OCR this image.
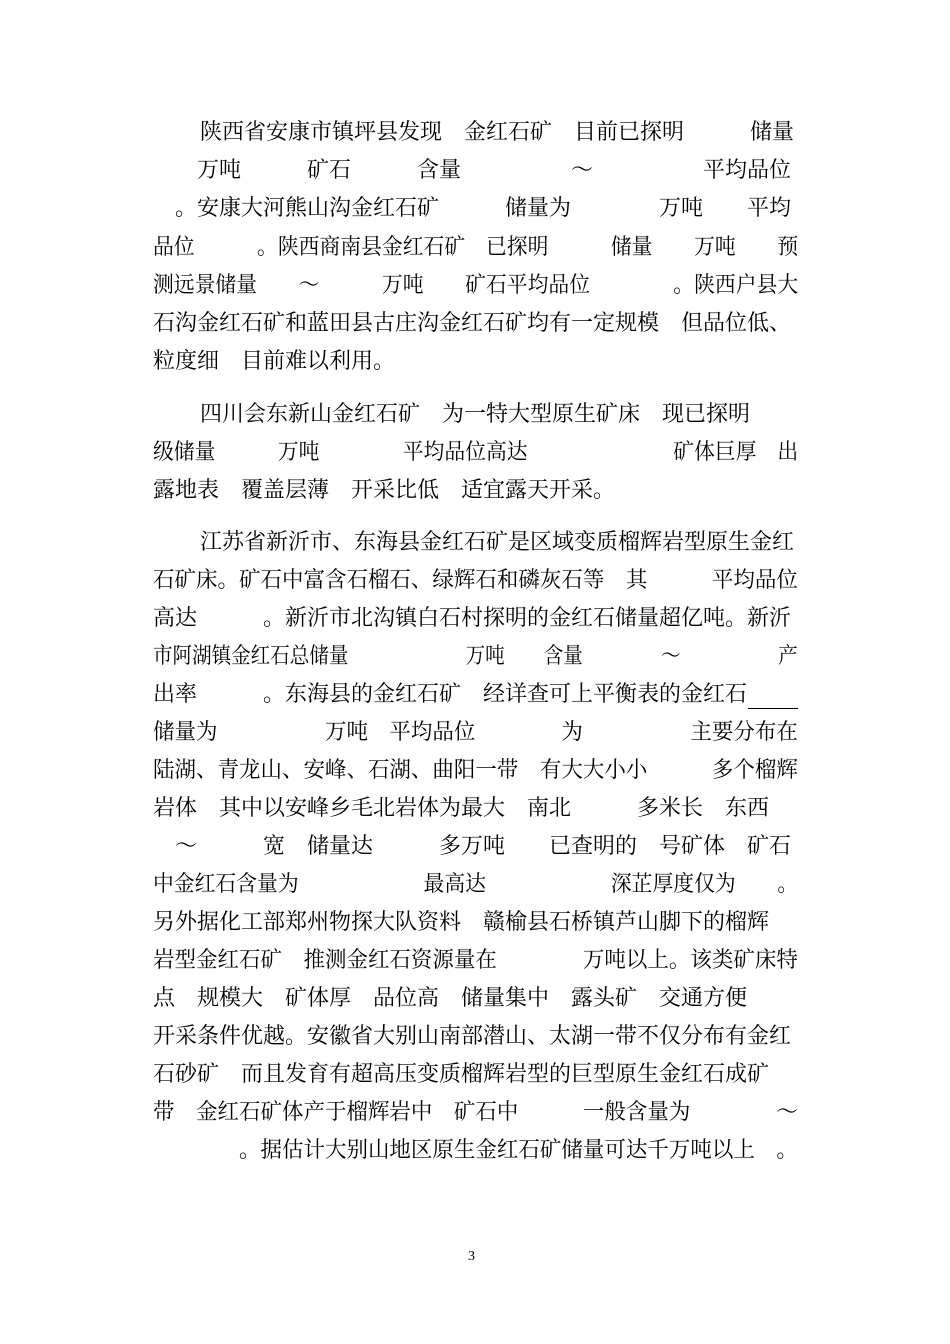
陕西省安康市镇坪县发现　金红石矿　目前已探明　　　储量
　　万吨　　　矿石　　　含量　　　　　～　　　　　平均品位
　。安康大河熊山沟金红石矿　　　储量为　　　　万吨　　平均
品位　　　。陕西商南县金红石矿　已探明　　　储量　　万吨　　预
测远景储量　　～　　　万吨　　矿石平均品位　　　　。陕西户县大
石沟金红石矿和蓝田县古庄沟金红石矿均有一定规模　但品位低、
粒度细　目前难以利用。
四川会东新山金红石矿　为一特大型原生矿床　现已探明
级储量　　　万吨　　　　平均品位高达　　　　　　　矿体巨厚　出
露地表　覆盖层薄　开采比低　适宜露天开采。
江苏省新沂市、东海县金红石矿是区域变质榴辉岩型原生金红
石矿床。矿石中富含石榴石、绿辉石和磷灰石等　其　　　平均品位
高达　　　。新沂市北沟镇白石村探明的金红石储量超亿吨。新沂
市阿湖镇金红石总储量　　　　　　万吨　　含量　　　　～　　　　　产
出率　　　。东海县的金红石矿　经详查可上平衡表的金红石
储量为　　　　　万吨　平均品位　　　　为　　　　　主要分布在
陆湖、青龙山、安峰、石湖、曲阳一带　有大大小小　　　多个榴辉
岩体　其中以安峰乡毛北岩体为最大　南北　　　多米长　东西
　～　　　宽　储量达　　　多万吨　　已查明的　号矿体　矿石
中金红石含量为　　　　　　最高达　　　　　　深芷厚度仅为　　。
另外据化工部郑州物探大队资料　赣榆县石桥镇芦山脚下的榴辉
岩型金红石矿　推测金红石资源量在　　　　万吨以上。该类矿床特
点　规模大　矿体厚　品位高　储量集中　露头矿　交通方便
开采条件优越。安徽省大别山南部潜山、太湖一带不仅分布有金红
石砂矿　而且发育有超高压变质榴辉岩型的巨型原生金红石成矿
带　金红石矿体产于榴辉岩中　矿石中　　　一般含量为　　　　～
　　　　。据估计大别山地区原生金红石矿储量可达千万吨以上　。
3
